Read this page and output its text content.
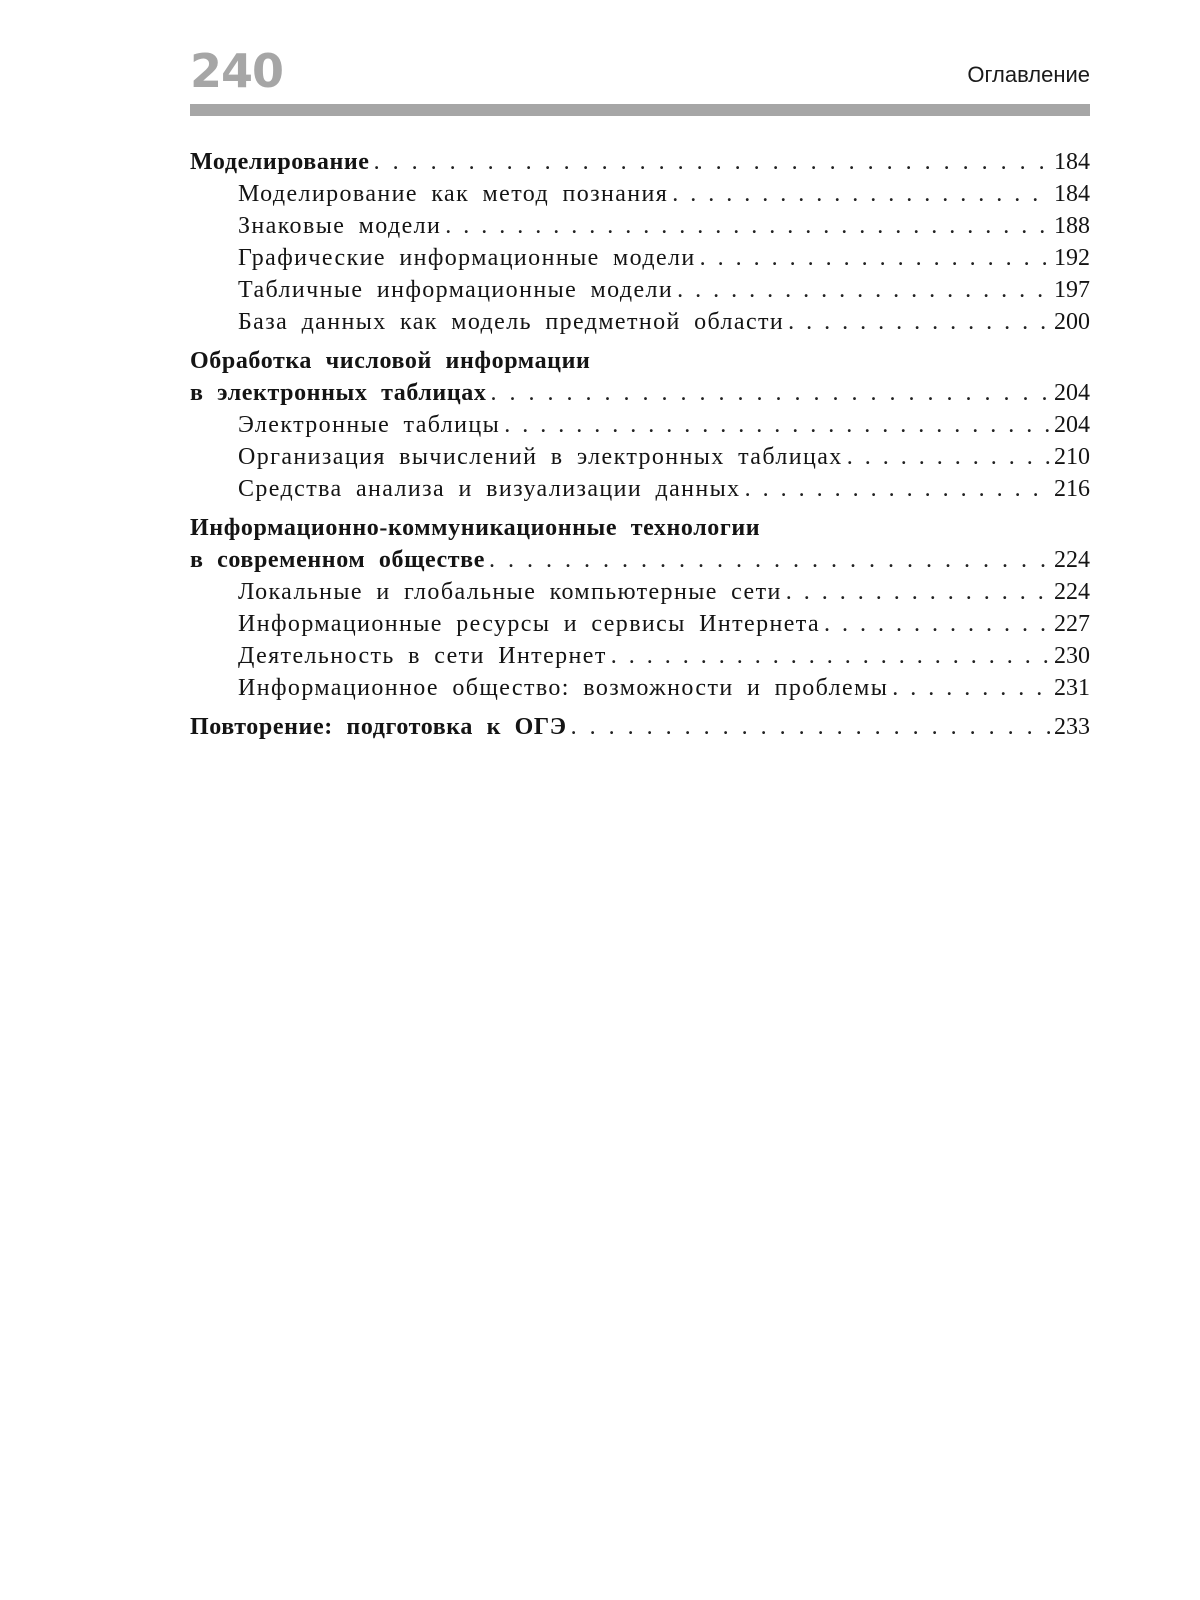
240	Оглавление
Моделирование . . .	184
Моделирование как метод познания . . .	184
Знаковые модели . . .	188
Графические информационные модели . . .	192
Табличные информационные модели . . .	197
База данных как модель предметной области . . .	200
Обработка числовой информации
в электронных таблицах . . .	204
Электронные таблицы . . .	204
Организация вычислений в электронных таблицах . . .	210
Средства анализа и визуализации данных . . .	216
Информационно-коммуникационные технологии
в современном обществе . . .	224
Локальные и глобальные компьютерные сети . . .	224
Информационные ресурсы и сервисы Интернета . . .	227
Деятельность в сети Интернет . . .	230
Информационное общество: возможности и проблемы . . .	231
Повторение: подготовка к ОГЭ . . .	233
